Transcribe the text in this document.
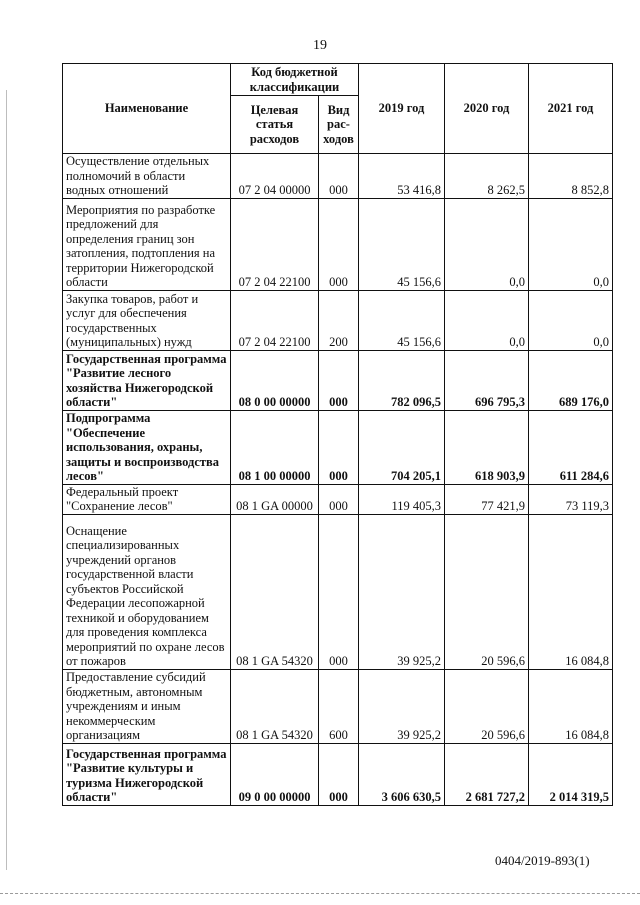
19
Наименование	Код бюджетной классификации		2019 год	2020 год	2021 год
	Целевая статья расходов	Вид рас-ходов			
Осуществление отдельных полномочий в области водных отношений	07 2 04 00000	000	53 416,8	8 262,5	8 852,8
Мероприятия по разработке предложений для определения границ зон затопления, подтопления на территории Нижегородской области	07 2 04 22100	000	45 156,6	0,0	0,0
Закупка товаров, работ и услуг для обеспечения государственных (муниципальных) нужд	07 2 04 22100	200	45 156,6	0,0	0,0
Государственная программа "Развитие лесного хозяйства Нижегородской области"	08 0 00 00000	000	782 096,5	696 795,3	689 176,0
Подпрограмма "Обеспечение использования, охраны, защиты и воспроизводства лесов"	08 1 00 00000	000	704 205,1	618 903,9	611 284,6
Федеральный проект "Сохранение лесов"	08 1 GA 00000	000	119 405,3	77 421,9	73 119,3
Оснащение специализированных учреждений органов государственной власти субъектов Российской Федерации лесопожарной техникой и оборудованием для проведения комплекса мероприятий по охране лесов от пожаров	08 1 GA 54320	000	39 925,2	20 596,6	16 084,8
Предоставление субсидий бюджетным, автономным учреждениям и иным некоммерческим организациям	08 1 GA 54320	600	39 925,2	20 596,6	16 084,8
Государственная программа "Развитие культуры и туризма Нижегородской области"	09 0 00 00000	000	3 606 630,5	2 681 727,2	2 014 319,5
0404/2019-893(1)
